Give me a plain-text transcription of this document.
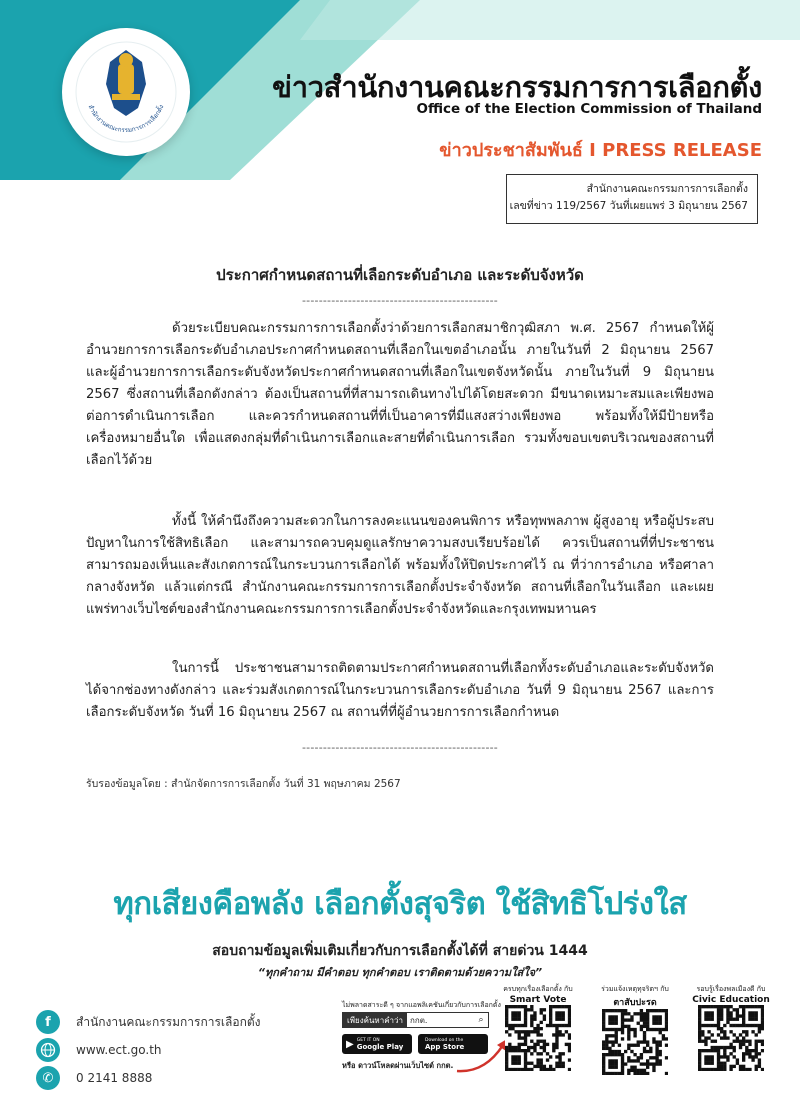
สำนักงานคณะกรรมการการเลือกตั้ง
ข่าวสำนักงานคณะกรรมการการเลือกตั้ง
Office of the Election Commission of Thailand
ข่าวประชาสัมพันธ์ I PRESS RELEASE
สำนักงานคณะกรรมการการเลือกตั้ง
เลขที่ข่าว 119/2567 วันที่เผยแพร่ 3 มิถุนายน 2567
ประกาศกำหนดสถานที่เลือกระดับอำเภอ และระดับจังหวัด
-----------------------------------------------
ด้วยระเบียบคณะกรรมการการเลือกตั้งว่าด้วยการเลือกสมาชิกวุฒิสภา พ.ศ. 2567 กำหนดให้ผู้อำนวยการการเลือกระดับอำเภอประกาศกำหนดสถานที่เลือกในเขตอำเภอนั้น ภายในวันที่ 2 มิถุนายน 2567 และผู้อำนวยการการเลือกระดับจังหวัดประกาศกำหนดสถานที่เลือกในเขตจังหวัดนั้น ภายในวันที่ 9 มิถุนายน 2567 ซึ่งสถานที่เลือกดังกล่าว ต้องเป็นสถานที่ที่สามารถเดินทางไปได้โดยสะดวก มีขนาดเหมาะสมและเพียงพอต่อการดำเนินการเลือก และควรกำหนดสถานที่ที่เป็นอาคารที่มีแสงสว่างเพียงพอ พร้อมทั้งให้มีป้ายหรือเครื่องหมายอื่นใด เพื่อแสดงกลุ่มที่ดำเนินการเลือกและสายที่ดำเนินการเลือก รวมทั้งขอบเขตบริเวณของสถานที่เลือกไว้ด้วย
ทั้งนี้ ให้คำนึงถึงความสะดวกในการลงคะแนนของคนพิการ หรือทุพพลภาพ ผู้สูงอายุ หรือผู้ประสบปัญหาในการใช้สิทธิเลือก และสามารถควบคุมดูแลรักษาความสงบเรียบร้อยได้ ควรเป็นสถานที่ที่ประชาชนสามารถมองเห็นและสังเกตการณ์ในกระบวนการเลือกได้ พร้อมทั้งให้ปิดประกาศไว้ ณ ที่ว่าการอำเภอ หรือศาลากลางจังหวัด แล้วแต่กรณี สำนักงานคณะกรรมการการเลือกตั้งประจำจังหวัด สถานที่เลือกในวันเลือก และเผยแพร่ทางเว็บไซต์ของสำนักงานคณะกรรมการการเลือกตั้งประจำจังหวัดและกรุงเทพมหานคร
ในการนี้ ประชาชนสามารถติดตามประกาศกำหนดสถานที่เลือกทั้งระดับอำเภอและระดับจังหวัดได้จากช่องทางดังกล่าว และร่วมสังเกตการณ์ในกระบวนการเลือกระดับอำเภอ วันที่ 9 มิถุนายน 2567 และการเลือกระดับจังหวัด วันที่ 16 มิถุนายน 2567 ณ สถานที่ที่ผู้อำนวยการการเลือกกำหนด
-----------------------------------------------
รับรองข้อมูลโดย : สำนักจัดการการเลือกตั้ง วันที่ 31 พฤษภาคม 2567
ทุกเสียงคือพลัง เลือกตั้งสุจริต ใช้สิทธิโปร่งใส
สอบถามข้อมูลเพิ่มเติมเกี่ยวกับการเลือกตั้งได้ที่ สายด่วน 1444
“ทุกคำถาม มีคำตอบ ทุกคำตอบ เราติดตามด้วยความใส่ใจ”
f	สำนักงานคณะกรรมการการเลือกตั้ง
www.ect.go.th
✆	0 2141 8888
ไม่พลาดสาระดี ๆ จากแอพลิเคชันเกี่ยวกับการเลือกตั้ง
เพียงค้นหาคำว่า กกต.	⌕
▶ GET IT ON
Google Play
Download on the
App Store
หรือ ดาวน์โหลดผ่านเว็บไซต์ กกต.
ครบทุกเรื่องเลือกตั้ง กับ
Smart Vote
ร่วมแจ้งเหตุทุจริตฯ กับ
ตาสับปะรด
รอบรู้เรื่องพลเมืองดี กับ
Civic Education
